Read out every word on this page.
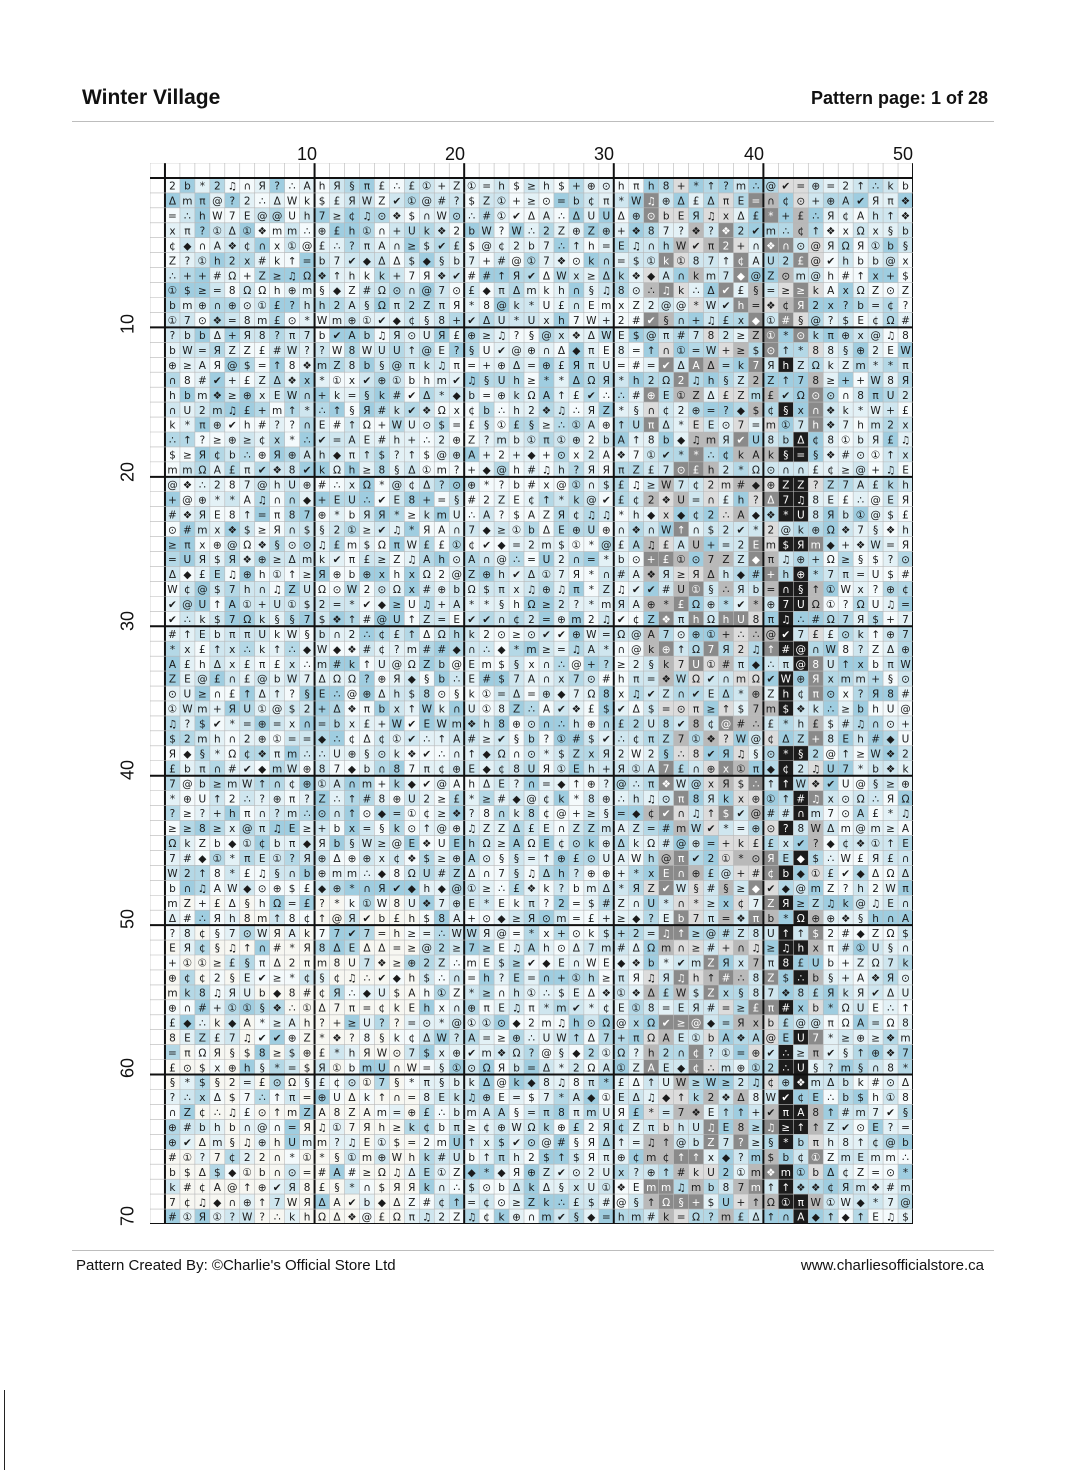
Winter Village	Pattern page: 1 of 28
10	20	30	40	50
10
20
30
40
50
60
70
2 b * 2 ♫ ∩ Я ? ∴ A h Я § π £ ∴ £ ① + Z ① = h $ ≥ h $ + ⊕ ⊙ h π h 8 + * ↑ ? m ∴ @ ✔ = ⊕ = 2 ↑ ∴ k b
Δ m π @ ? 2 ∴ Δ W k $ £ Я W Z ✔ ① @ # ? $ Z ① + ≥ ⊙ = b ¢ π * W ♫ ⊕ Δ £ Δ π E = ∩ ¢ ⊙ + ⊕ A ✔ Я π ❖
= ∴ h W 7 E @ @ U h 7 ≥ ¢ ♫ ⊙ ❖ $ ∩ W ⊙ ∴ # ① ✔ Δ A ∴ Δ U U Δ ⊕ ⊙ b E Я ♫ x Δ £ * + £ ∴ Я ¢ A h ↑ ❖
x π ? ① Δ ① ❖ m m ∴ ⊕ £ h ① ∩ + U k ❖ 2 b W ? W ∴ 2 Z ⊕ Z ⊕ + ❖ 8 7 ? ❖ ? ❖ 2 ✔ m ∴ ¢ ↑ ❖ x Ω x § b
¢ ◆ ∩ A ❖ ¢ ∩ x ① @ £ ∴ ? π A ∩ ≥ $ ✔ £ $ @ ¢ 2 b 7 ∴ ↑ h = E ♫ ∩ h W ✔ π 2 + ∩ ❖ ∩ ⊙ @ Я Ω Я ① b §
Z ? ① h 2 x # k ↑ = b 7 ✔ ◆ Δ Δ $ ◆ § b 7 + # @ ① 7 ❖ ⊙ k ∩ = $ ① k ① 8 7 ↑ ¢ A U 2 £ @ ✔ h b b @ x
∴ + + # Ω + Z ≥ ♫ Ω ❖ ↑ h k k + 7 Я ❖ ✔ # # ↑ Я ✔ Δ W x ≥ Δ k ❖ ◆ A ∩ k m 7 ◆ @ Z ⊙ m @ h # ↑ x + $
① $ ≥ = 8 Ω Ω h ⊕ m § ◆ Z # Ω ⊙ ∩ @ 7 ⊙ £ ◆ π Δ m k h ∩ § ♫ 8 ⊙ ∴ ♫ k ∴ Δ ✔ £ § = ≥ ≥ k A x Ω Z ⊙ Z
b m ⊕ ∩ ⊕ ⊙ ① £ ? h h 2 A § Ω π 2 Z π Я * 8 @ k * U £ ∩ E m x Z 2 @ @ * W ✔ h = ❖ ¢ Я 2 x ? b = ¢ ?
① 7 ⊙ ❖ = 8 m £ ⊙ * W m ⊕ ① ✔ ◆ ¢ § 8 + ✔ Δ U * U x h 7 W + 2 # ✔ § ∩ + ♫ £ x ◆ ① # § @ ? $ E ¢ Ω #
? b b Δ + Я 8 ? π 7 b ✔ A b ♫ Я ⊙ U Я £ ⊕ ≥ ♫ ? § @ x ❖ Δ W E $ @ π # 7 8 2 ≥ Z ① * ⊙ k π ⊕ x @ ♫ 8
b W = Я Z Z £ # W ? ? W 8 W U U ↑ @ E ? § U ✔ @ ⊕ ∩ Δ ◆ π E 8 = ↑ ∩ ① = W + ≥ $ ⊙ ↑ * 8 8 § ⊕ 2 E W
⊕ ≥ A Я @ $ = ↑ 8 ❖ m Z 8 b § @ π k ♫ π = + ⊕ Δ = ⊕ £ Я π U = # = ✔ Δ A Δ = k 7 Я h Z Ω k Z m * * π
∩ 8 # ✔ + £ Z Δ ❖ x * ① x ✔ ⊕ ① b h m ✔ ♫ § U h ≥ * * Δ Ω Я * h 2 Ω 2 ♫ h § Z 2 Z ↑ 7 8 ≥ + + W 8 Я
h b m ❖ ≥ ⊕ x E W ∩ + k = § k # ✔ Δ * ◆ b = ⊕ k Ω A ↑ £ ✔ ∴ ∴ # ⊕ E ① Z Δ £ Z m £ ✔ Ω ⊙ ⊙ ∩ 8 π U 2
∩ U 2 m ♫ £ + m ↑ * ∴ ↑ § Я # k ✔ ❖ Ω x ¢ b ∴ h 2 ❖ ♫ ∴ Я Z * § ∩ ¢ 2 ⊕ = ? ◆ $ ¢ § x ∩ ❖ k * W + £
k * π ⊕ ✔ h # ? ? ∩ E # ↑ Ω + W U ⊙ $ = £ § ① £ § ≥ ∴ ① A ⊕ ↑ U π Δ * E E ⊙ 7 = m ① 7 h ❖ 7 h m 2 x
∴ ↑ ? ≥ ⊕ ≥ ¢ x * ∴ ✔ = A E # h + ∴ 2 ⊕ Z ? m b ① π ① ⊕ 2 b A ↑ 8 b ◆ ♫ m Я ✔ U 8 b Δ ¢ 8 ① b Я £ ♫
$ ≥ Я ¢ b ∴ ⊕ Я ⊕ A h ◆ π ↑ $ ? ↑ $ @ ⊕ A + 2 + ◆ + ⊙ x 2 A ❖ 7 ① ✔ * * ∴ ¢ k A k § = § ❖ # ⊙ ① ↑ x
m m Ω A £ π ✔ ❖ 8 ✔ k Ω h ≥ 8 § Δ ① m ? + ◆ @ h # ♫ h ? Я Я π Z £ 7 ⊙ £ h 2 * Ω ⊙ ∩ ∩ £ ¢ ≥ @ + ♫ E
@ ❖ ∴ 2 8 7 @ h U ⊕ # ∴ x Ω * @ ¢ Δ ? ⊙ ⊕ * ? b # x @ ① ∩ $ £ ♫ ≥ W 7 ¢ 2 m # ◆ ⊕ Z Z ? Z 7 A £ k h
+ @ ⊕ * * A ♫ ∩ ∩ ◆ + E U ∴ ✔ E 8 + = § # 2 Z E ¢ ↑ * k @ ✔ £ ¢ 2 ❖ U = ∩ £ h ? Δ 7 ♫ 8 E £ ∴ @ E Я
# ❖ Я E 8 ↑ = π 8 7 ⊕ * b Я Я * ≥ k m U ∴ A ? $ A Z Я ¢ ♫ ♫ * h ◆ x ◆ ¢ 2 ∴ A ◆ ❖ * U 8 Я b ① @ $ £
⊙ # m x ❖ $ ≥ Я ∩ $ § 2 ① ≥ ✔ ♫ * Я A ∩ 7 ◆ ≥ ① b Δ E ⊕ U ⊕ ∩ ❖ ∩ W ↑ ∩ $ 2 ✔ * 2 @ k ⊕ Ω ❖ 7 § ❖ h
≥ π x ⊕ @ Ω ❖ § ⊙ ⊙ ♫ £ m $ Ω π W £ £ ① ¢ ✔ ◆ = 2 m $ ① * @ £ A ♫ £ A U + = 2 E m $ Я m ◆ + ❖ W = Я
= U Я $ Я ❖ ⊕ ≥ Δ m k ✔ π £ ≥ Z ♫ A h ⊙ A ∩ @ ∴ = U 2 ∩ = * b ⊙ + £ ① ⊙ 7 Z Z ◆ π ♫ ⊕ + Ω ≥ § $ ? ⊙
Δ ◆ £ E ♫ ⊕ h ① ↑ ≥ Я ⊕ b ⊕ x h x Ω 2 @ Z ⊕ h ✔ Δ ① 7 Я * ∩ # A ❖ Я ≥ Я Δ h ◆ # + h ⊕ * 7 π = U $ #
W ¢ @ $ 7 h ∩ ♫ Z U Ω ⊙ W 2 ⊙ Ω x # ⊕ b Ω $ π x ♫ ⊕ ♫ π * Z ♫ ✔ ✔ # U ① § ∴ Я b = ∩ § ↑ ① W x ? ⊕ ¢
✔ @ U ↑ A ① + U ① $ 2 = * ✔ ◆ ≥ U ♫ + A * * § h Ω ≥ 2 ? * m Я A ⊕ * £ Ω ⊕ * ✔ * ⊕ 7 U Ω ① ? Ω U ♫ =
✔ ∴ k $ 7 Ω k § § 7 $ ❖ ↑ # @ U ↑ Z = E ✔ ✔ ∩ ¢ 2 = ⊕ m 2 ♫ ✔ ¢ Z ❖ π h Ω h U 8 π ♫ ∴ # Ω 7 Я $ + 7
# ↑ E b π π U k W § b ∩ 2 ∴ ¢ £ ↑ Δ Ω h k 2 ⊙ ≥ ⊙ ✔ ✔ ⊕ W = Ω @ A 7 ⊙ ⊕ ① + ∴ ∴ @ ✔ 7 £ £ ⊙ k ↑ ⊕ 7
* x £ ↑ x ∴ k ↑ ∴ ◆ W ◆ ❖ # ¢ ? m # # ◆ ∩ ∴ ◆ * m ≥ = ♫ A * ∩ @ k ⊕ ↑ Ω 7 Я 2 ♫ ↑ # @ ∩ W 8 ? Z Δ ⊕
A £ h Δ x £ π £ x ∴ m # k ↑ U @ Ω Z b @ E m $ § x ∩ ∴ @ + ? ≥ 2 § k 7 U ① # π ◆ ∴ π @ 8 U ↑ x b π W
Z E @ £ ∩ £ @ b W 7 Δ Ω Ω ? ⊕ Я ◆ § b ∴ E # $ 7 A ∩ x 7 ⊙ # h π = ❖ W Ω ✔ ∩ m Ω ✔ W ⊕ Я x m m + § ⊙
⊙ U ≥ ∩ £ ↑ Δ ↑ ? § E ∴ @ ⊕ Δ h $ 8 ⊙ § k ① = Δ = ⊕ ◆ 7 Ω 8 x ♫ ✔ Z ∩ ✔ E Δ * ⊕ Z h ¢ π ⊙ x ? Я 8 #
① W m + Я U ① @ $ 2 + Δ ❖ π b x ↑ W k ∩ U ① 8 Z ∴ A ✔ ❖ £ $ ✔ Δ $ = ⊙ π ≥ ↑ $ 7 m $ ❖ k ∴ ≥ b h U @
♫ ? $ ✔ * = ⊕ = x ∩ = b x £ + W ✔ E W m ❖ h 8 ⊕ ⊙ ∩ ∴ h ⊕ ∩ £ 2 U 8 ✔ 8 ¢ @ # ∴ £ * h £ $ # ♫ ∩ ⊙ +
$ 2 m h ∩ 2 ⊕ ① = = ◆ ∴ ¢ Δ ¢ ① ✔ ∴ ↑ A # ≥ ✔ § b ? ① # $ ✔ ∴ ¢ π Z 7 ① ❖ ? W @ ¢ Δ Z + 8 E h # ◆ U
Я ◆ § * Ω ¢ ❖ π m ∴ ∴ U ⊕ § ⊙ k ❖ ✔ ∴ ∩ ↑ ◆ Ω ∩ ⊙ * $ Z x Я 2 W 2 § ∴ 8 ✔ Я ♫ § ⊙ * § 2 @ ↑ ≥ W ❖ 2
£ b π ∩ # ✔ ◆ m W ⊕ 8 7 ◆ b ∩ 8 7 π ¢ ⊕ E ◆ ¢ 8 U Я ① E h + Я ① A 7 £ ∩ ⊕ x ① π ◆ ¢ 2 ♫ U 7 * b ❖ k
7 @ b ≥ m W ↑ ∩ ¢ ⊕ ① A ∩ m + k ◆ ✔ @ A h Δ E ? ∩ = ◆ ↑ ⊕ ? @ ∴ π ❖ W @ x Я $ ∴ ↑ ↑ W ❖ ✔ U @ § ≥ ⊕
* ⊕ U ↑ 2 ∴ ? ⊕ π ? Z ∴ ↑ # 8 ⊕ U 2 ≥ £ * ≥ # ◆ @ ¢ k * 8 ⊕ ∴ h ♫ ⊙ π 8 Я k x ⊕ ① ↑ # ♫ x ⊙ Ω ∴ Я Ω
? ≥ ? + h π ∩ ? m ∴ ⊙ ∩ ↑ ⊙ ◆ = ① ¢ ≥ ❖ ? 8 ∩ k 8 ¢ @ + ≥ § = ◆ ¢ ✔ ∩ ♫ ↑ $ ✔ @ # # ∩ m 7 ⊙ A £ * ♫
≥ ≥ 8 ≥ x @ π ♫ E ≥ + b x = § k ⊙ ↑ @ ⊕ ♫ Z Z Δ £ E ∩ Z Z m A Z = # m W ✔ * = ⊕ ⊙ ? 8 W Δ m @ m ≥ A
Ω k Z b ◆ ① ¢ b π ◆ Я b § W ≥ @ E ❖ U E h Ω ≥ A Ω E ¢ ⊙ k ⊕ Δ k Ω # @ ⊕ = + k £ £ x ✔ ? ◆ ¢ ❖ ① ↑ E
7 # ◆ ① * π E ① ? Я ⊕ Δ ⊕ ⊕ x ¢ ❖ $ ≥ ⊕ A ⊙ § § = ↑ ⊕ £ ⊙ U A W h @ π ✔ 2 ① * ⊙ Я E ◆ $ ∴ W £ Я £ ∩
W 2 ↑ 8 * £ ♫ § ∩ b ⊕ m m ∴ ◆ 8 Ω U # Z Δ ∩ 7 § ♫ Δ h ? ⊕ ⊕ + * x E ∩ ⊕ £ @ + # ¢ b ◆ ① £ ✔ ◆ Δ Ω Δ
b ∩ ♫ A W ◆ ⊙ ⊕ $ £ ◆ ⊕ * ∩ Я ✔ ◆ h ◆ @ ① ≥ ∴ £ ❖ k ? b m Δ * Я Z ✔ W § # § ≥ ◆ ✔ ◆ @ m Z ? h 2 W π
m Z + £ Δ § h Ω = £ ? * k ① W 8 U ❖ 7 ⊕ E * E k π ? 2 = $ # Z ∩ U * ∩ * ≥ x ¢ 7 Z Я ≥ Z ♫ k @ ♫ E ∩
Δ # ∴ Я h 8 m ↑ 8 ¢ ↑ @ Я ✔ b £ h $ 8 A + ⊙ ◆ ≥ Я ⊙ m = £ + ≥ ◆ ? E b 7 π = ❖ π b * Ω ⊕ ⊕ ❖ § h ∩ A
? 8 ¢ § 7 ⊙ W Я A k 7 7 ✔ 7 = h ≥ = ∴ W W Я @ = * x + ⊙ k $ + 2 = ♫ ↑ ≥ @ # Z 8 U ↑ ↑ $ 2 # ◆ Z Ω $
E Я ¢ § ♫ ↑ ∩ # * Я 8 Δ E Δ Δ = ≥ @ 2 ≥ 7 ≥ E ♫ A h ⊙ Δ 7 m # Δ Ω m ∩ ≥ # + ∩ ♫ ≥ ♫ h x π # ① U § ∩
+ ① ① ≥ £ § π Δ 2 π m 8 U 7 ❖ ≥ ⊕ 2 Z ∴ m E $ ≥ ✔ ◆ E ∩ W E ◆ ❖ b * ✔ m Z Я x 7 π 8 £ U b + Z Ω 7 k
⊕ ¢ ¢ 2 § E ✔ ≥ * ¢ § ¢ ♫ ∴ ✔ ◆ h $ ∴ ∩ = h ? E = ∩ + ① h ≥ π Я ♫ Я ♫ h ↑ # ∴ 8 Z $ ∴ b § + A ❖ Я ⊙
m k 8 ♫ Я U b ◆ 8 # ¢ Я ∴ ◆ U $ A h ① Z * ≥ ∩ h ① ∴ $ E Δ ❖ ① ❖ Δ £ W $ Z x § 8 7 ❖ 8 £ Я k Я ✔ Δ U
⊕ ∩ # + ① ① § ❖ ∴ ① Δ 7 π = ¢ k E h x ∩ ⊕ π E ♫ π * m ✔ * ¢ E ① 8 = E Я # = ≥ £ π # x b * Ω U E ∴ ↑
£ ◆ ∴ k ◆ A * ≥ A h ? + ≥ U ? ? = ⊙ * @ ① ① ⊙ ◆ 2 m ♫ h ⊙ Ω @ x Ω ✔ ≥ @ ◆ = Я x b £ @ @ π Ω A = Ω 8
8 E Z £ 7 ♫ ✔ ✔ ⊕ Z * ❖ ? 8 § k ¢ Δ W ? A = ≥ ⊕ ∴ U W ↑ Δ 7 + π Ω A E ① b A ❖ A @ E U 7 * ≥ ⊕ ≥ ❖ m
= π Ω Я § $ 8 ≥ $ ⊕ £ * h Я W ⊙ 7 $ x ⊕ ✔ m ❖ Ω ? @ § ◆ 2 ① Ω ? h 2 ∩ ¢ ? ① = ⊕ ✔ ∴ ≥ π ✔ § ↑ ⊕ ❖ 7
£ ⊙ $ x ⊕ h § * = $ Я ① b m U ∩ W = § ① ⊙ Ω Я b = Δ * 2 Ω A ① Z A E ◆ ¢ ∴ m ⊕ ① 2 ∴ U § ? m § ∩ 8 *
§ * $ § 2 = £ ⊙ Ω § £ ¢ ⊙ ① 7 § * π § b k Δ @ k ◆ 8 ♫ 8 π * £ Δ ↑ U W ≥ W ≥ 2 ♫ ¢ ⊕ ❖ m Δ b k # ⊙ Δ
? ∴ x Δ $ 7 ∴ ↑ π = ⊕ U Δ k ↑ ∩ = 8 E k ♫ ⊕ E = $ 7 * A ◆ ① E Δ ♫ ◆ ↑ k 2 ❖ Δ 8 W ✔ ¢ E ∴ b $ h ① 8
∩ Z ¢ ∴ ♫ £ ⊙ ↑ m Z A 8 Z A m = ⊕ £ ∴ b m A A § = π 8 π m U Я £ * = 7 ❖ E ↑ ↑ + ✔ π A 8 ↑ # m 7 ✔ §
⊕ # b h b ∩ @ ∩ = Я ♫ ① 7 Я h ≥ k ¢ b π ≥ ¢ ⊕ W Ω k ⊕ £ 2 Я ¢ Z π b h U ♫ E 8 ≥ ♫ ≥ ↑ ↑ Z ✔ ⊙ E ? =
⊕ ✔ Δ m § ♫ ⊕ h U m m ? ♫ E ① $ = 2 m U ↑ x $ ✔ ⊙ @ # § Я Δ ↑ = ♫ ↑ @ b Z 7 ? ≥ § * b π h 8 ↑ ¢ @ b
# ① ? 7 ¢ 2 2 ∩ * ① * § ① m ⊕ W h k # U b ↑ π h 2 $ ↑ $ Я π ⊕ ¢ m ¢ ↑ ↑ x ◆ ? m $ b ¢ ① Z m E m m ∴
b $ Δ $ ◆ ① b ∩ ⊙ = # A # ≥ Ω ♫ Δ E ① Z ◆ * ◆ Я ⊕ Z ✔ ⊙ 2 U x ? ⊕ ↑ # k U 2 ① m ❖ m ① b Δ ¢ Z = ⊙ *
k # ¢ A @ ↑ ⊕ ✔ Я 8 £ § * ∩ $ Я Я k ∩ ∴ $ ⊙ b Δ k Δ § x U ① ❖ E m m ♫ m b 8 7 m ↑ ↑ ❖ ❖ ¢ Я m ❖ # m
7 ¢ ♫ ◆ ∩ ⊕ ↑ 7 W Я Δ A ✔ b ◆ Δ Z # ¢ ↑ = ¢ ⊙ ≥ Z k ∴ £ $ # @ § ↑ Ω § + $ U + ↑ Ω ① π W ① W ◆ * 7 @
# ① Я ① ? W ? ∴ k h Ω Δ ❖ @ £ Ω π ♫ 2 Z ♫ ¢ k ⊕ ∩ m ✔ § ◆ = h m # k = Ω ? m £ Δ ↑ ∩ A ◆ ↑ ◆ ↑ E ♫ $
Pattern Created By: ©Charlie's Official Store Ltd	www.charliesofficialstore.ca
